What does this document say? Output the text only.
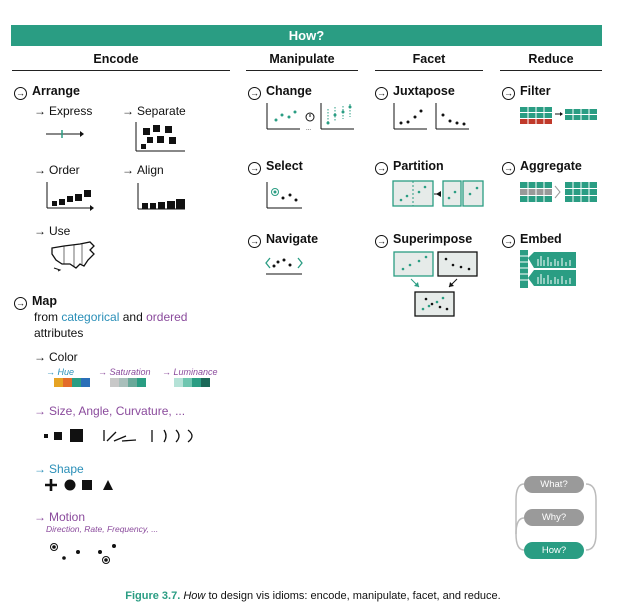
How?
Encode	Manipulate	Facet	Reduce
→ Arrange
→ Express → Separate
→ Order	→ Align
→ Use
→ Map
from categorical and ordered
attributes
→ Color
→ Hue	→ Saturation → Luminance
→ Size, Angle, Curvature, ...
→ Shape
→ Motion
Direction, Rate, Frequency, ...
→ Change
...
→ Select
→ Navigate
→ Juxtapose
→ Partition
→ Superimpose
→ Filter
→ Aggregate
→ Embed
What?
Why?
How?
Figure 3.7. How to design vis idioms: encode, manipulate, facet, and reduce.
